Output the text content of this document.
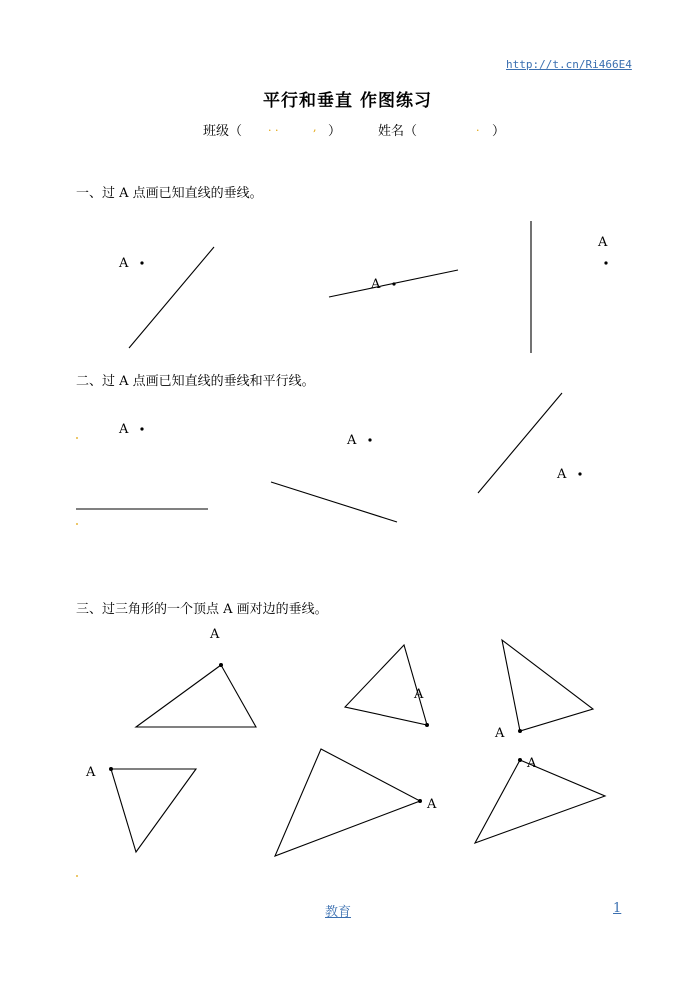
http://t.cn/Ri466E4
平行和垂直 作图练习
班级（ . .	, ）	姓名（	. ）
一、过 A 点画已知直线的垂线。
二、过 A 点画已知直线的垂线和平行线。
三、过三角形的一个顶点 A 画对边的垂线。
A
A
A
A
A
A
A
A
A
A
A
A
教育	1
